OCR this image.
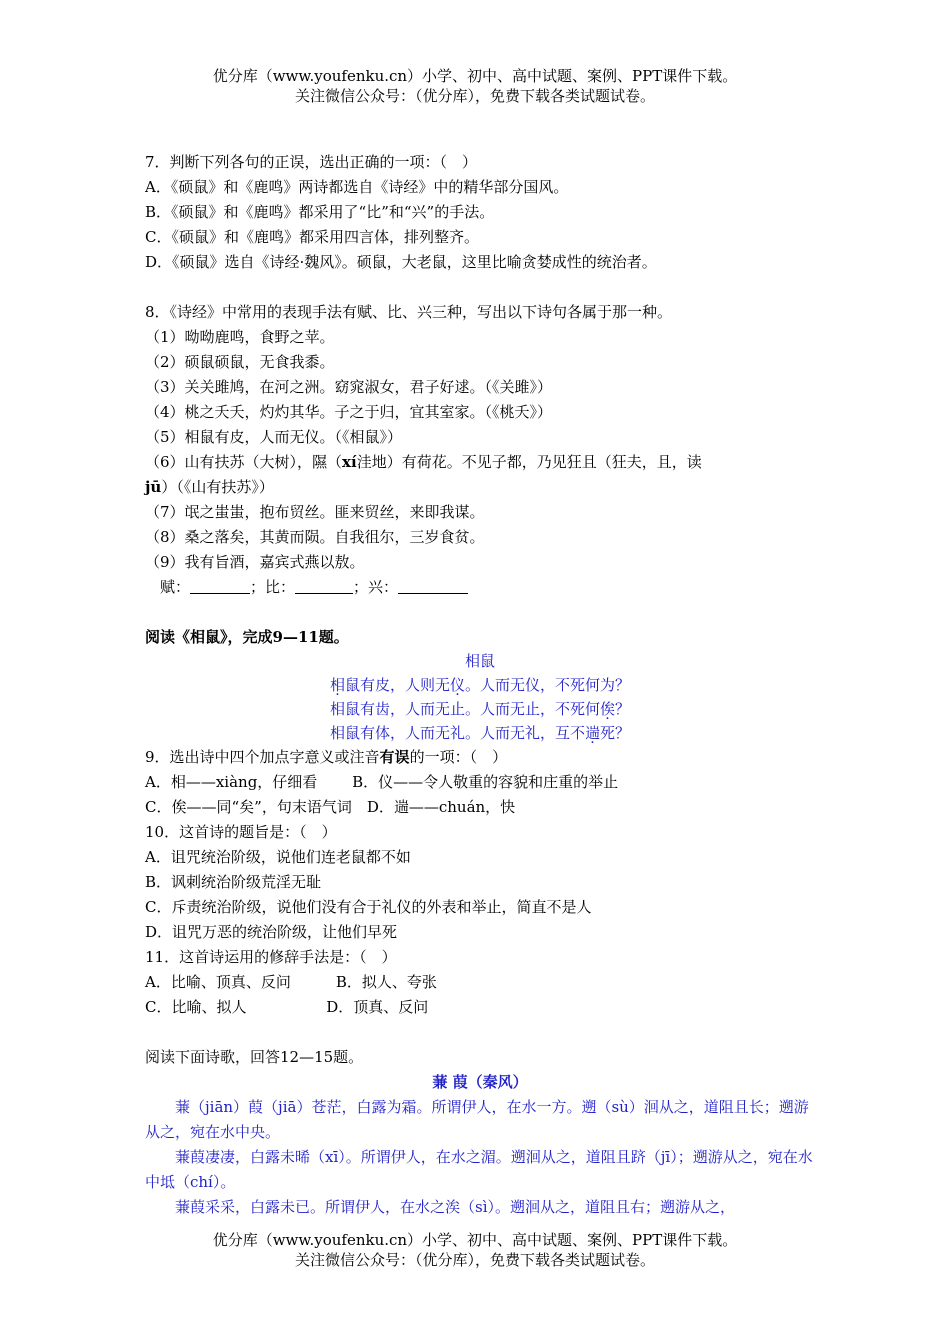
优分库（www.youfenku.cn）小学、初中、高中试题、案例、PPT课件下载。
关注微信公众号：（优分库），免费下载各类试题试卷。
7．判断下列各句的正误，选出正确的一项：（　）
A．《硕鼠》和《鹿鸣》两诗都选自《诗经》中的精华部分国风。
B．《硕鼠》和《鹿鸣》都采用了“比”和“兴”的手法。
C．《硕鼠》和《鹿鸣》都采用四言体，排列整齐。
D．《硕鼠》选自《诗经·魏风》。硕鼠，大老鼠，这里比喻贪婪成性的统治者。
8．《诗经》中常用的表现手法有赋、比、兴三种，写出以下诗句各属于那一种。
（1）呦呦鹿鸣，食野之苹。
（2）硕鼠硕鼠，无食我黍。
（3）关关雎鸠，在河之洲。窈窕淑女，君子好逑。（《关雎》）
（4）桃之夭夭，灼灼其华。子之于归，宜其室家。（《桃夭》）
（5）相鼠有皮，人而无仪。（《相鼠》）
（6）山有扶苏（大树），隰（xí洼地）有荷花。不见子都，乃见狂且（狂夫，且，读
jū）（《山有扶苏》）
（7）氓之蚩蚩，抱布贸丝。匪来贸丝，来即我谋。
（8）桑之落矣，其黄而陨。自我徂尔，三岁食贫。
（9）我有旨酒，嘉宾式燕以敖。
赋：	；比：	；兴：
阅读《相鼠》，完成9—11题。
相鼠
相鼠有皮，人则无仪。人而无仪，不死何为？
相鼠有齿，人而无止。人而无止，不死何俟？
相鼠有体，人而无礼。人而无礼，互不遄死？
9．选出诗中四个加点字意义或注音有误的一项：（　）
A．相——xiàng，仔细看　　 B．仪——令人敬重的容貌和庄重的举止
C．俟——同“矣”，句末语气词　D．遄——chuán，快
10．这首诗的题旨是：（　）
A．诅咒统治阶级，说他们连老鼠都不如
B．讽刺统治阶级荒淫无耻
C．斥责统治阶级，说他们没有合于礼仪的外表和举止，简直不是人
D．诅咒万恶的统治阶级，让他们早死
11．这首诗运用的修辞手法是：（　）
A．比喻、顶真、反问　　　B．拟人、夸张
C．比喻、拟人　　　　　 D．顶真、反问
阅读下面诗歌，回答12—15题。
蒹 葭（秦风）
蒹（jiān）葭（jiā）苍茫，白露为霜。所谓伊人，在水一方。遡（sù）洄从之，道阻且长；遡游从之，宛在水中央。
蒹葭凄凄，白露未晞（xī）。所谓伊人，在水之湄。遡洄从之，道阻且跻（jī）；遡游从之，宛在水中坻（chí）。
蒹葭采采，白露未已。所谓伊人，在水之涘（sì）。遡洄从之，道阻且右；遡游从之，
优分库（www.youfenku.cn）小学、初中、高中试题、案例、PPT课件下载。
关注微信公众号：（优分库），免费下载各类试题试卷。
